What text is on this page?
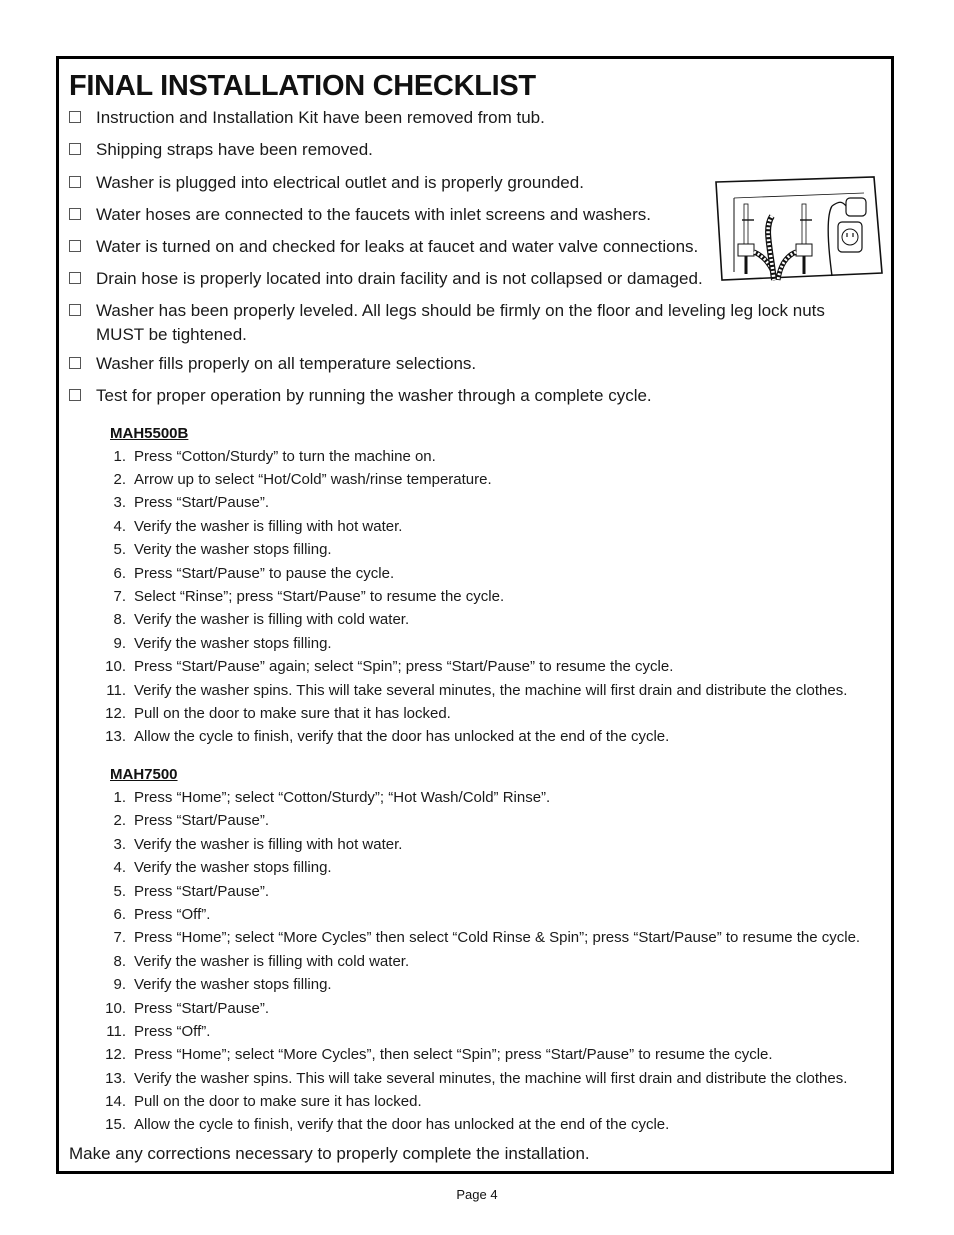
FINAL INSTALLATION CHECKLIST
Instruction and Installation Kit have been removed from tub.
Shipping straps have been removed.
Washer is plugged into electrical outlet and is properly grounded.
Water hoses are connected to the faucets with inlet screens and washers.
Water is turned on and checked for leaks at faucet and water valve connections.
Drain hose is properly located into drain facility and is not collapsed or damaged.
Washer has been properly leveled. All legs should be firmly on the floor and leveling leg lock nuts MUST be tightened.
Washer fills properly on all temperature selections.
Test for proper operation by running the washer through a complete cycle.
MAH5500B
1. Press “Cotton/Sturdy” to turn the machine on.
2. Arrow up to select “Hot/Cold” wash/rinse temperature.
3. Press “Start/Pause”.
4. Verify the washer is filling with hot water.
5. Verity the washer stops filling.
6. Press “Start/Pause” to pause the cycle.
7. Select “Rinse”; press “Start/Pause” to resume the cycle.
8. Verify the washer is filling with cold water.
9. Verify the washer stops filling.
10. Press “Start/Pause” again; select “Spin”; press “Start/Pause” to resume the cycle.
11. Verify the washer spins. This will take several minutes, the machine will first drain and distribute the clothes.
12. Pull on the door to make sure that it has locked.
13. Allow the cycle to finish, verify that the door has unlocked at the end of the cycle.
MAH7500
1. Press “Home”; select “Cotton/Sturdy”; “Hot Wash/Cold” Rinse”.
2. Press “Start/Pause”.
3. Verify the washer is filling with hot water.
4. Verify the washer stops filling.
5. Press “Start/Pause”.
6. Press “Off”.
7. Press “Home”; select “More Cycles” then select “Cold Rinse & Spin”; press “Start/Pause” to resume the cycle.
8. Verify the washer is filling with cold water.
9. Verify the washer stops filling.
10. Press “Start/Pause”.
11. Press “Off”.
12. Press “Home”; select “More Cycles”, then select “Spin”; press “Start/Pause” to resume the cycle.
13. Verify the washer spins. This will take several minutes, the machine will first drain and distribute the clothes.
14. Pull on the door to make sure it has locked.
15. Allow the cycle to finish, verify that the door has unlocked at the end of the cycle.
Make any corrections necessary to properly complete the installation.
Page 4
